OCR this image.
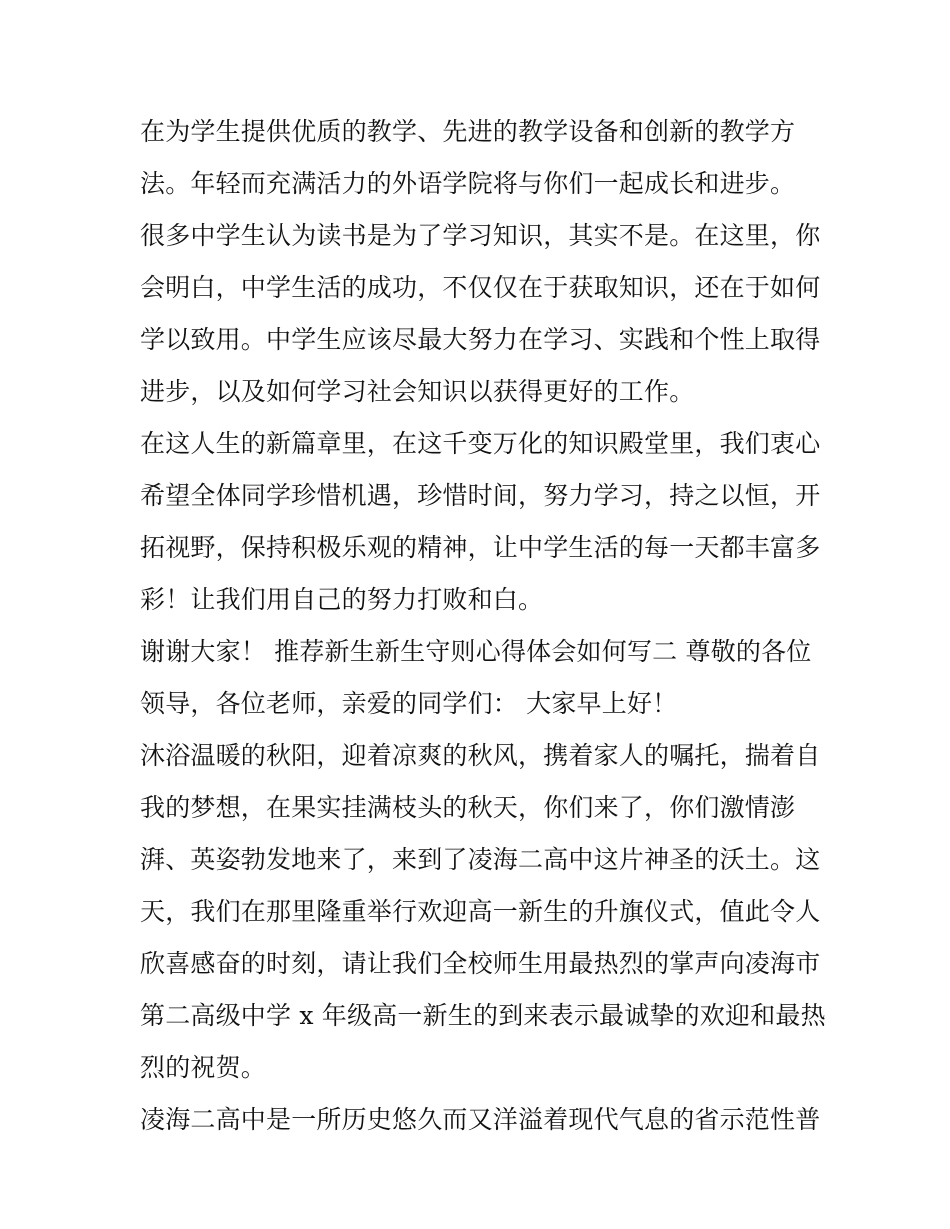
在为学生提供优质的教学、先进的教学设备和创新的教学方
法。年轻而充满活力的外语学院将与你们一起成长和进步。
很多中学生认为读书是为了学习知识，其实不是。在这里，你
会明白，中学生活的成功，不仅仅在于获取知识，还在于如何
学以致用。中学生应该尽最大努力在学习、实践和个性上取得
进步，以及如何学习社会知识以获得更好的工作。
在这人生的新篇章里，在这千变万化的知识殿堂里，我们衷心
希望全体同学珍惜机遇，珍惜时间，努力学习，持之以恒，开
拓视野，保持积极乐观的精神，让中学生活的每一天都丰富多
彩！让我们用自己的努力打败和白。
谢谢大家！ 推荐新生新生守则心得体会如何写二 尊敬的各位
领导，各位老师，亲爱的同学们： 大家早上好！
沐浴温暖的秋阳，迎着凉爽的秋风，携着家人的嘱托，揣着自
我的梦想，在果实挂满枝头的秋天，你们来了，你们激情澎
湃、英姿勃发地来了，来到了凌海二高中这片神圣的沃土。这
天，我们在那里隆重举行欢迎高一新生的升旗仪式，值此令人
欣喜感奋的时刻，请让我们全校师生用最热烈的掌声向凌海市
第二高级中学 x 年级高一新生的到来表示最诚挚的欢迎和最热
烈的祝贺。
凌海二高中是一所历史悠久而又洋溢着现代气息的省示范性普
